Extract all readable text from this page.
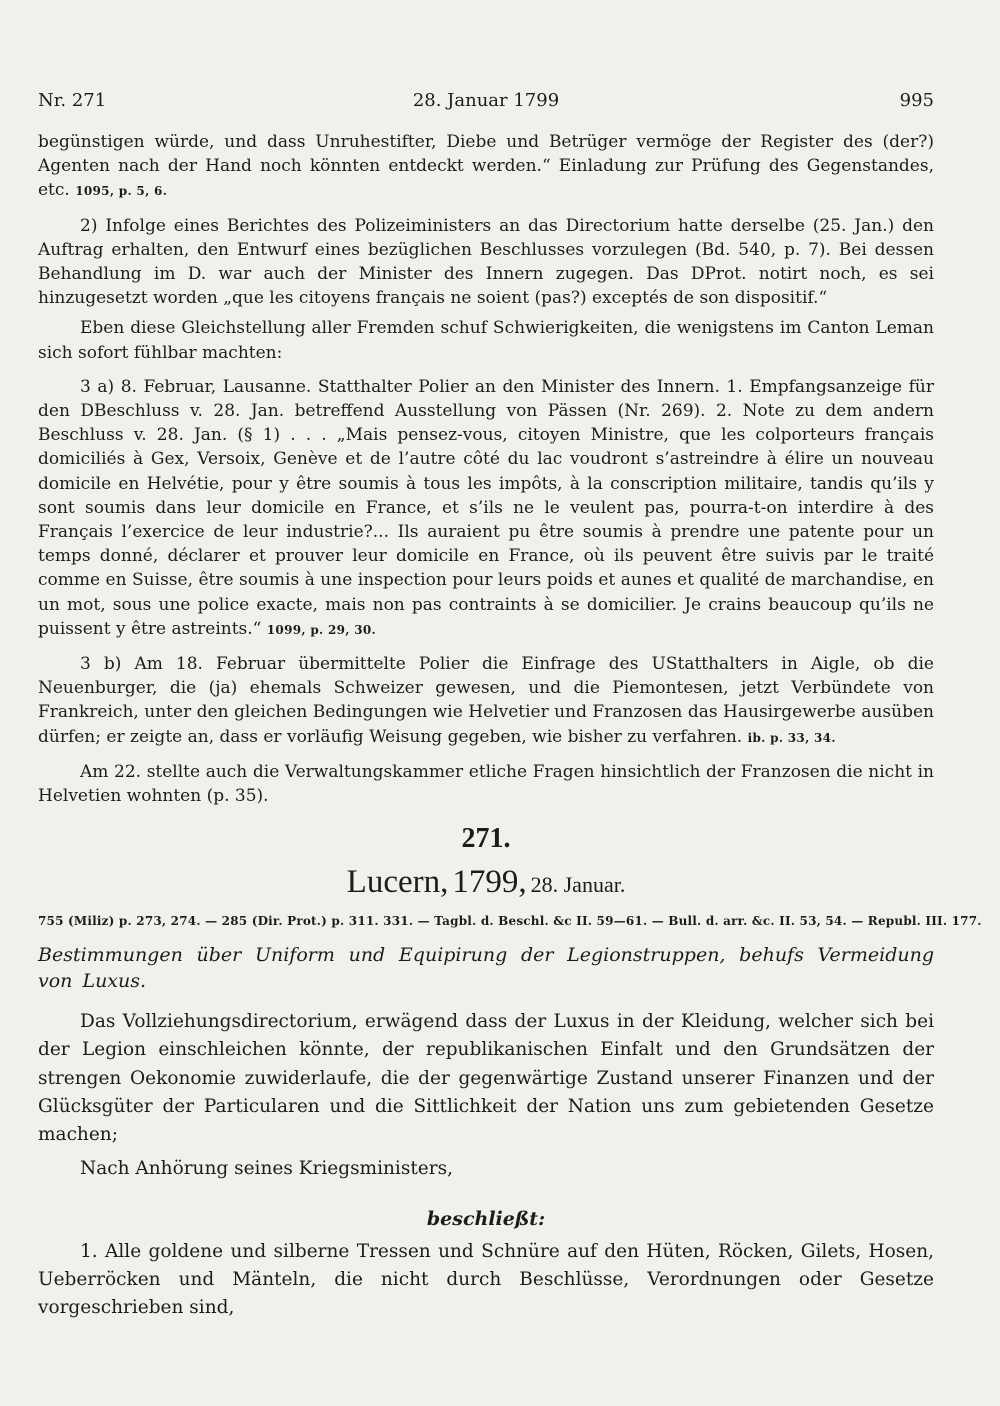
Nr. 271	28. Januar 1799	995

begünstigen würde, und dass Unruhestifter, Diebe und Betrüger vermöge der Register des (der?) Agenten nach der Hand noch könnten entdeckt werden.“ Einladung zur Prüfung des Gegenstandes, etc. 1095, p. 5, 6.

2) Infolge eines Berichtes des Polizeiministers an das Directorium hatte derselbe (25. Jan.) den Auftrag erhalten, den Entwurf eines bezüglichen Beschlusses vorzulegen (Bd. 540, p. 7). Bei dessen Behandlung im D. war auch der Minister des Innern zugegen. Das DProt. notirt noch, es sei hinzugesetzt worden „que les citoyens français ne soient (pas?) exceptés de son dispositif.“

Eben diese Gleichstellung aller Fremden schuf Schwierigkeiten, die wenigstens im Canton Leman sich sofort fühlbar machten:

3 a) 8. Februar, Lausanne. Statthalter Polier an den Minister des Innern. 1. Empfangsanzeige für den DBeschluss v. 28. Jan. betreffend Ausstellung von Pässen (Nr. 269). 2. Note zu dem andern Beschluss v. 28. Jan. (§ 1) . . . „Mais pensez-vous, citoyen Ministre, que les colporteurs français domiciliés à Gex, Versoix, Genève et de l’autre côté du lac voudront s’astreindre à élire un nouveau domicile en Helvétie, pour y être soumis à tous les impôts, à la conscription militaire, tandis qu’ils y sont soumis dans leur domicile en France, et s’ils ne le veulent pas, pourra-t-on interdire à des Français l’exercice de leur industrie?... Ils auraient pu être soumis à prendre une patente pour un temps donné, déclarer et prouver leur domicile en France, où ils peuvent être suivis par le traité comme en Suisse, être soumis à une inspection pour leurs poids et aunes et qualité de marchandise, en un mot, sous une police exacte, mais non pas contraints à se domicilier. Je crains beaucoup qu’ils ne puissent y être astreints.“ 1099, p. 29, 30.

3 b) Am 18. Februar übermittelte Polier die Einfrage des UStatthalters in Aigle, ob die Neuenburger, die (ja) ehemals Schweizer gewesen, und die Piemontesen, jetzt Verbündete von Frankreich, unter den gleichen Bedingungen wie Helvetier und Franzosen das Hausirgewerbe ausüben dürfen; er zeigte an, dass er vorläufig Weisung gegeben, wie bisher zu verfahren. ib. p. 33, 34.

Am 22. stellte auch die Verwaltungskammer etliche Fragen hinsichtlich der Franzosen die nicht in Helvetien wohnten (p. 35).

271.
Lucern, 1799, 28. Januar.
755 (Miliz) p. 273, 274. — 285 (Dir. Prot.) p. 311. 331. — Tagbl. d. Beschl. &c II. 59—61. — Bull. d. arr. &c. II. 53, 54. — Republ. III. 177.

Bestimmungen über Uniform und Equipirung der Legionstruppen, behufs Vermeidung von Luxus.

Das Vollziehungsdirectorium, erwägend dass der Luxus in der Kleidung, welcher sich bei der Legion einschleichen könnte, der republikanischen Einfalt und den Grundsätzen der strengen Oekonomie zuwiderlaufe, die der gegenwärtige Zustand unserer Finanzen und der Glücksgüter der Particularen und die Sittlichkeit der Nation uns zum gebietenden Gesetze machen;

Nach Anhörung seines Kriegsministers,

beschließt:

1. Alle goldene und silberne Tressen und Schnüre auf den Hüten, Röcken, Gilets, Hosen, Ueberröcken und Mänteln, die nicht durch Beschlüsse, Verordnungen oder Gesetze vorgeschrieben sind,
